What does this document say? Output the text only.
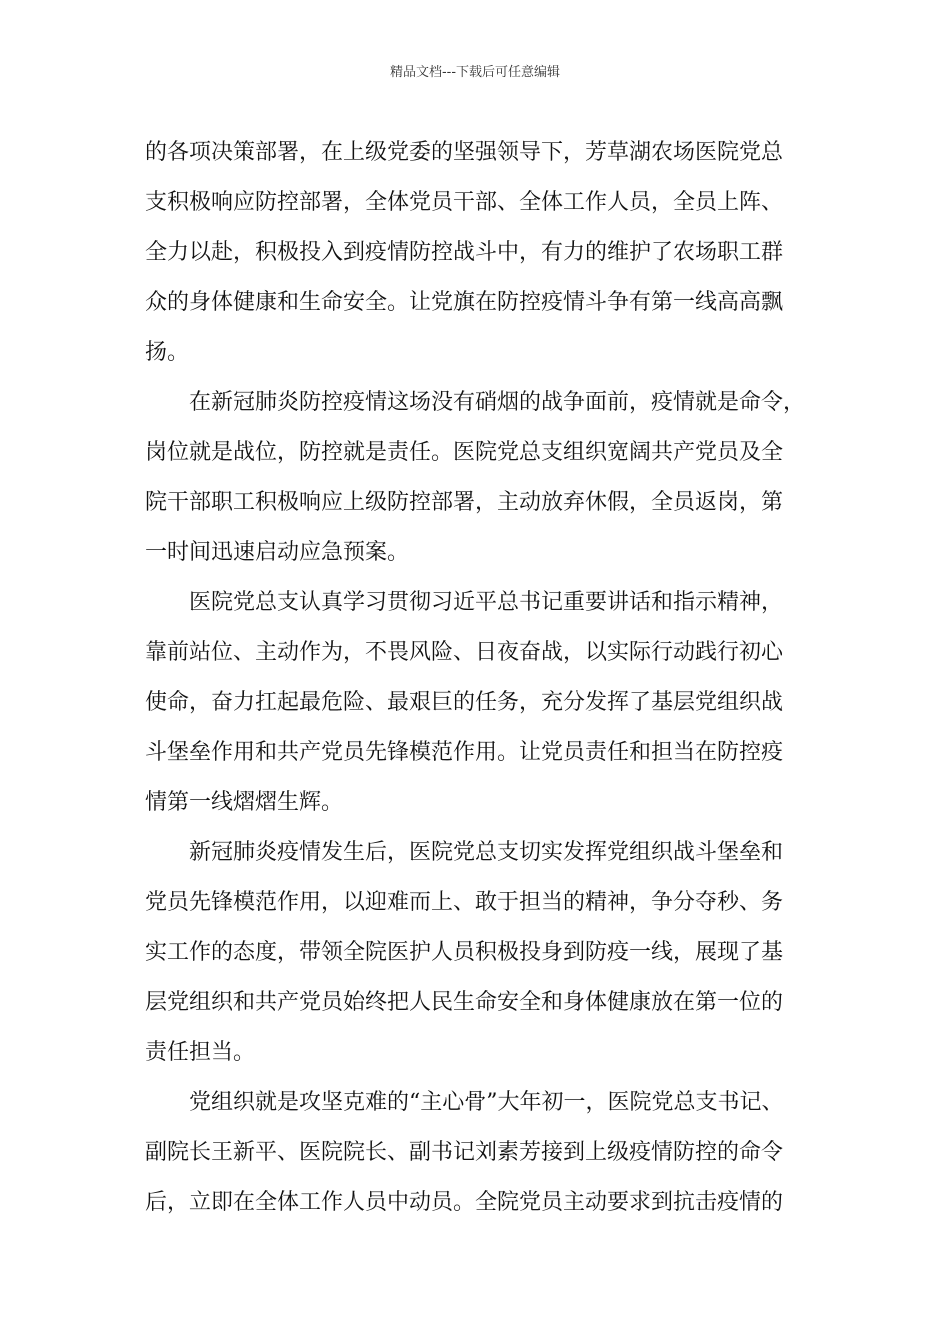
精品文档---下载后可任意编辑
的各项决策部署，在上级党委的坚强领导下，芳草湖农场医院党总
支积极响应防控部署，全体党员干部、全体工作人员，全员上阵、
全力以赴，积极投入到疫情防控战斗中，有力的维护了农场职工群
众的身体健康和生命安全。让党旗在防控疫情斗争有第一线高高飘
扬。
在新冠肺炎防控疫情这场没有硝烟的战争面前，疫情就是命令，
岗位就是战位，防控就是责任。医院党总支组织宽阔共产党员及全
院干部职工积极响应上级防控部署，主动放弃休假，全员返岗，第
一时间迅速启动应急预案。
医院党总支认真学习贯彻习近平总书记重要讲话和指示精神，
靠前站位、主动作为，不畏风险、日夜奋战，以实际行动践行初心
使命，奋力扛起最危险、最艰巨的任务，充分发挥了基层党组织战
斗堡垒作用和共产党员先锋模范作用。让党员责任和担当在防控疫
情第一线熠熠生辉。
新冠肺炎疫情发生后，医院党总支切实发挥党组织战斗堡垒和
党员先锋模范作用，以迎难而上、敢于担当的精神，争分夺秒、务
实工作的态度，带领全院医护人员积极投身到防疫一线，展现了基
层党组织和共产党员始终把人民生命安全和身体健康放在第一位的
责任担当。
党组织就是攻坚克难的“主心骨”大年初一，医院党总支书记、
副院长王新平、医院院长、副书记刘素芳接到上级疫情防控的命令
后，立即在全体工作人员中动员。全院党员主动要求到抗击疫情的
